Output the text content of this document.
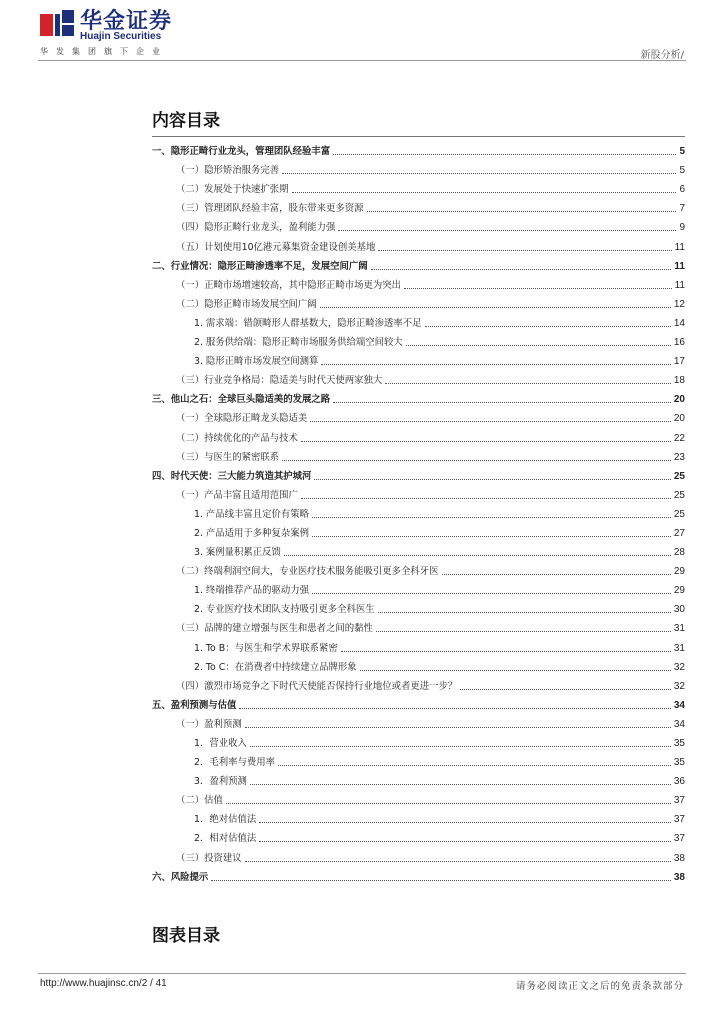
华金证券
Huajin Securities
华发集团旗下企业	新股分析/
内容目录
一、隐形正畸行业龙头，管理团队经验丰富	5
（一）隐形矫治服务完善	5
（二）发展处于快速扩张期	6
（三）管理团队经验丰富，股东带来更多资源	7
（四）隐形正畸行业龙头，盈利能力强	9
（五）计划使用10亿港元募集资金建设创美基地	11
二、行业情况：隐形正畸渗透率不足，发展空间广阔	11
（一）正畸市场增速较高，其中隐形正畸市场更为突出	11
（二）隐形正畸市场发展空间广阔	12
1. 需求端：错颌畸形人群基数大，隐形正畸渗透率不足	14
2. 服务供给端：隐形正畸市场服务供给端空间较大	16
3. 隐形正畸市场发展空间测算	17
（三）行业竞争格局：隐适美与时代天使两家独大	18
三、他山之石：全球巨头隐适美的发展之路	20
（一）全球隐形正畸龙头隐适美	20
（二）持续优化的产品与技术	22
（三）与医生的紧密联系	23
四、时代天使：三大能力筑造其护城河	25
（一）产品丰富且适用范围广	25
1. 产品线丰富且定价有策略	25
2. 产品适用于多种复杂案例	27
3. 案例量积累正反馈	28
（二）终端利润空间大，专业医疗技术服务能吸引更多全科牙医	29
1. 终端推荐产品的驱动力强	29
2. 专业医疗技术团队支持吸引更多全科医生	30
（三）品牌的建立增强与医生和患者之间的黏性	31
1. To B：与医生和学术界联系紧密	31
2. To C：在消费者中持续建立品牌形象	32
（四）激烈市场竞争之下时代天使能否保持行业地位或者更进一步？	32
五、盈利预测与估值	34
（一）盈利预测	34
1．营业收入	35
2．毛利率与费用率	35
3．盈利预测	36
（二）估值	37
1．绝对估值法	37
2．相对估值法	37
（三）投资建议	38
六、风险提示	38
图表目录
http://www.huajinsc.cn/2 / 41	请务必阅读正文之后的免责条款部分
